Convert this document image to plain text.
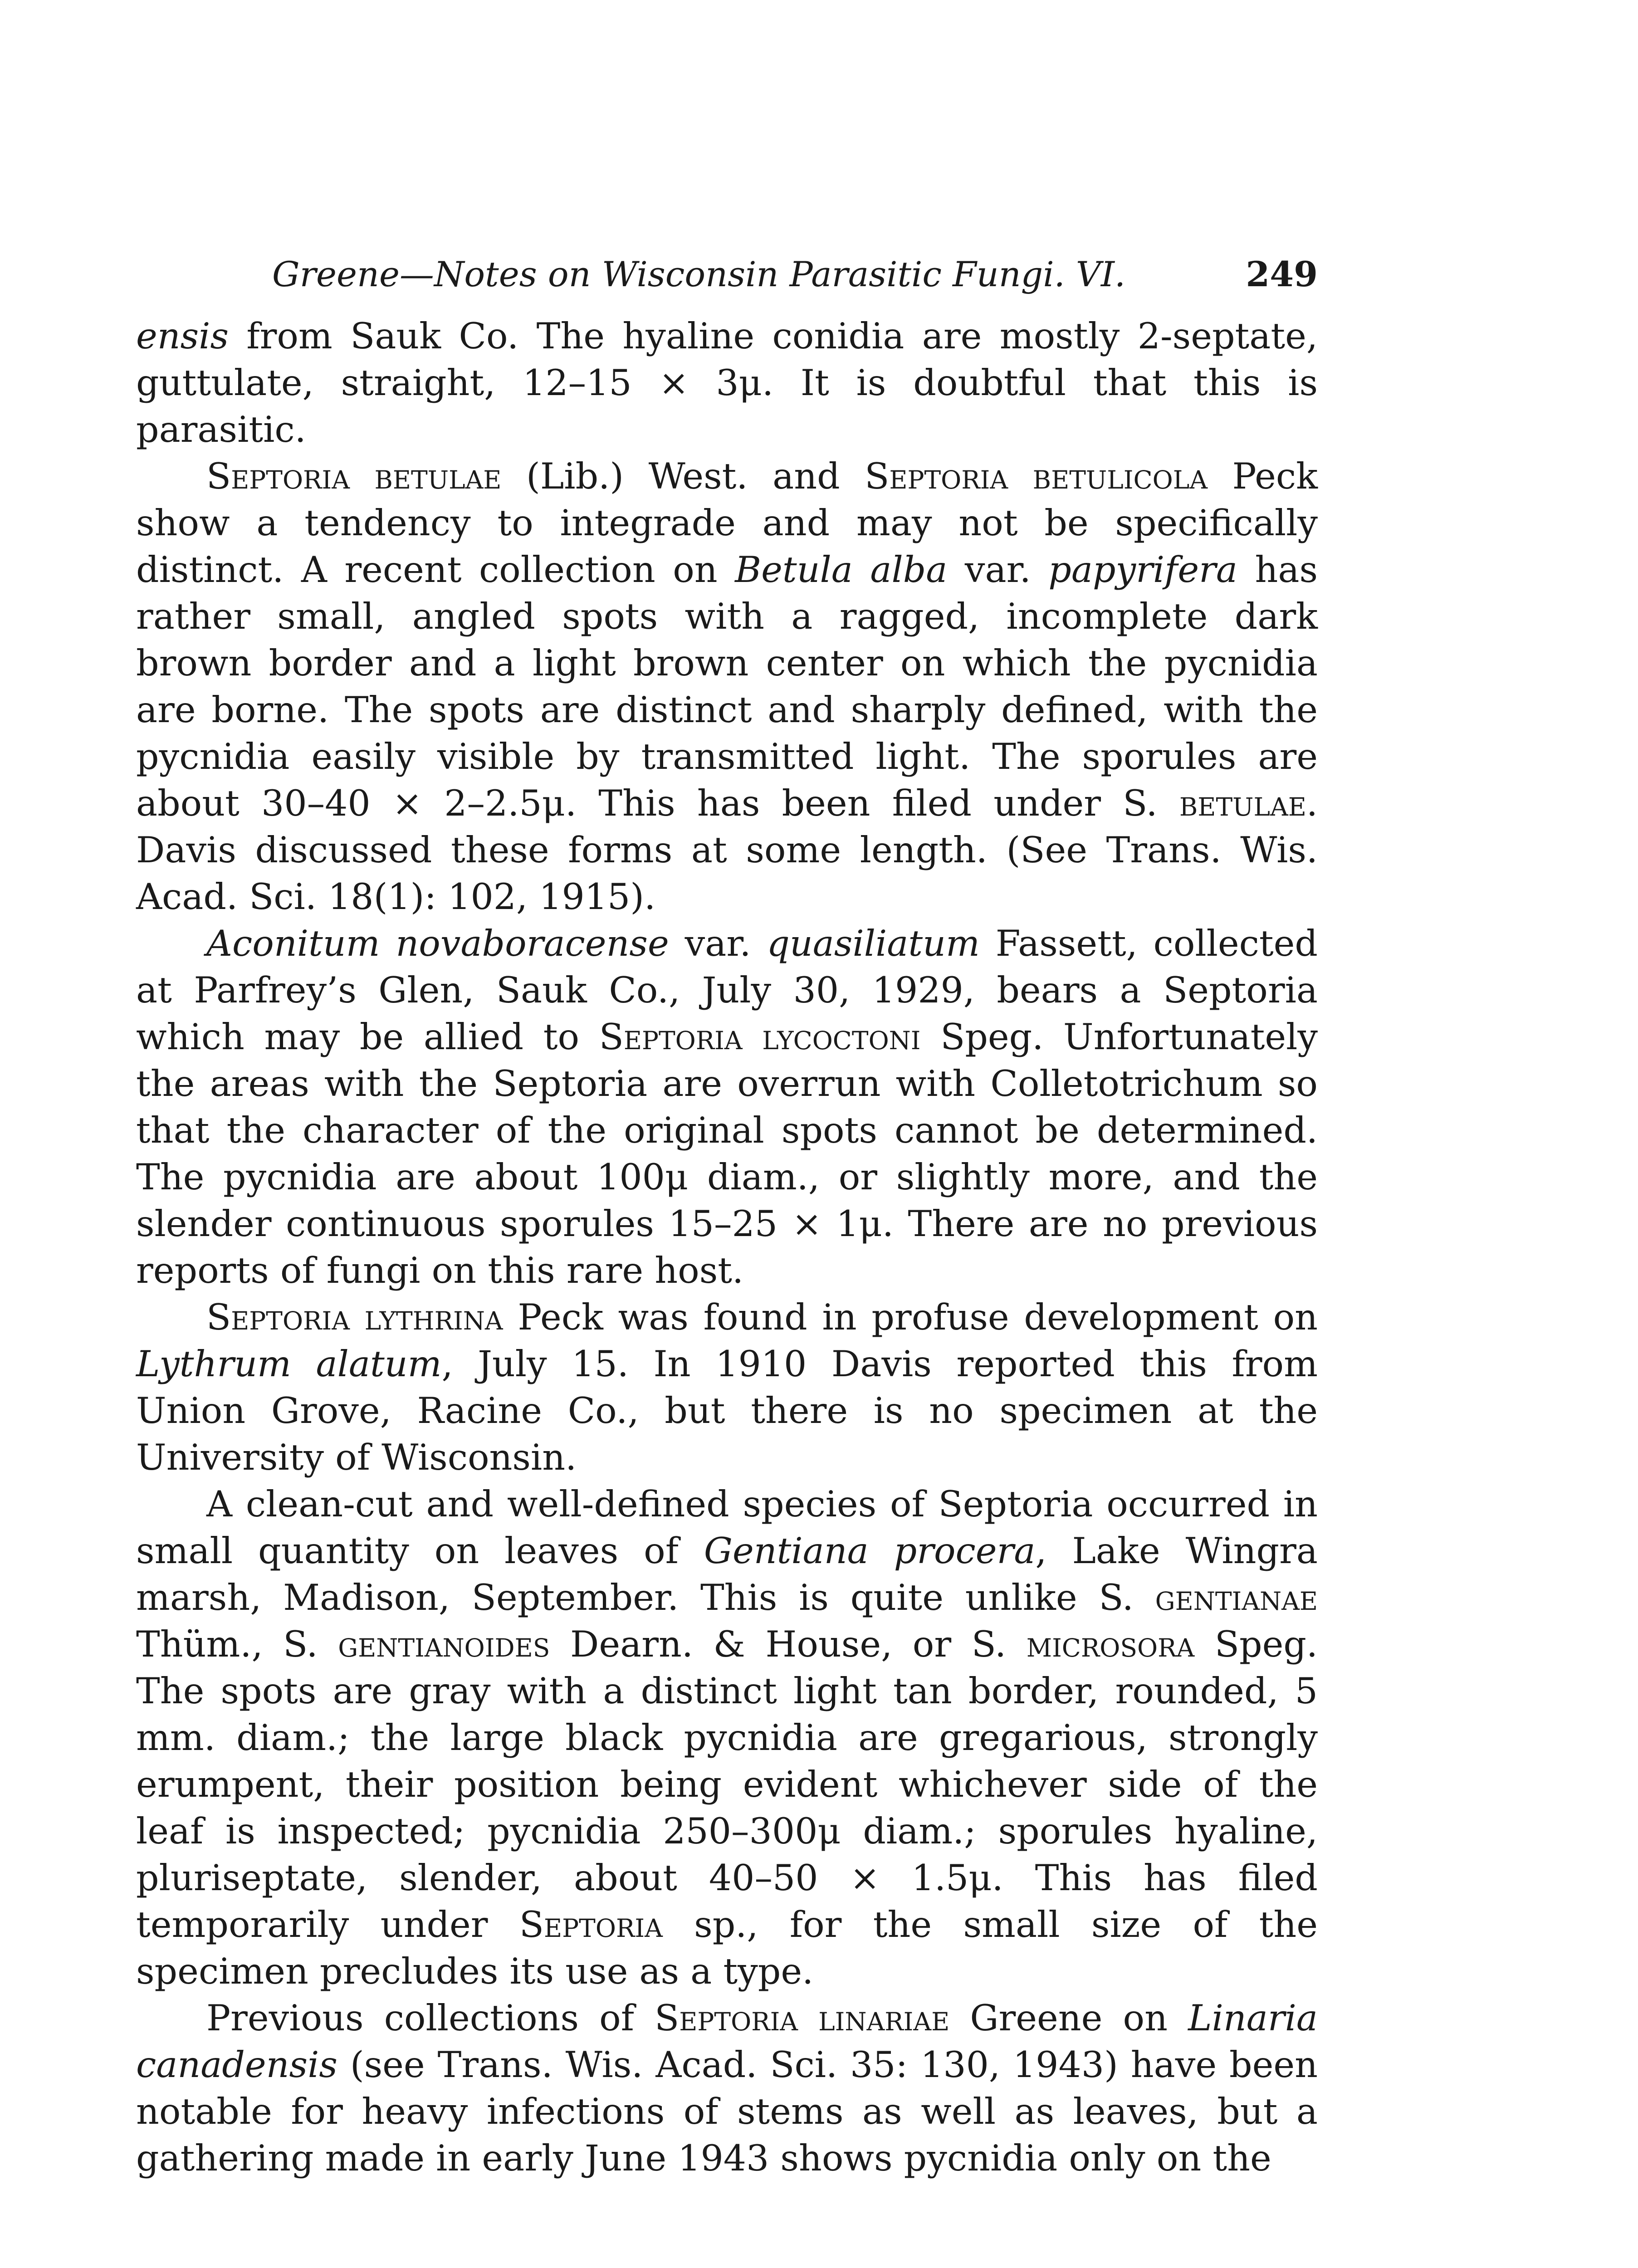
Greene—Notes on Wisconsin Parasitic Fungi. VI.	249

ensis from Sauk Co. The hyaline conidia are mostly 2-septate, guttulate, straight, 12–15 × 3μ. It is doubtful that this is parasitic.

Septoria betulae (Lib.) West. and Septoria betulicola Peck show a tendency to integrade and may not be specifically distinct. A recent collection on Betula alba var. papyrifera has rather small, angled spots with a ragged, incomplete dark brown border and a light brown center on which the pycnidia are borne. The spots are distinct and sharply defined, with the pycnidia easily visible by transmitted light. The sporules are about 30–40 × 2–2.5μ. This has been filed under S. betulae. Davis discussed these forms at some length. (See Trans. Wis. Acad. Sci. 18(1): 102, 1915).

Aconitum novaboracense var. quasiliatum Fassett, collected at Parfrey’s Glen, Sauk Co., July 30, 1929, bears a Septoria which may be allied to Septoria lycoctoni Speg. Unfortunately the areas with the Septoria are overrun with Colletotrichum so that the character of the original spots cannot be determined. The pycnidia are about 100μ diam., or slightly more, and the slender continuous sporules 15–25 × 1μ. There are no previous reports of fungi on this rare host.

Septoria lythrina Peck was found in profuse development on Lythrum alatum, July 15. In 1910 Davis reported this from Union Grove, Racine Co., but there is no specimen at the University of Wisconsin.

A clean-cut and well-defined species of Septoria occurred in small quantity on leaves of Gentiana procera, Lake Wingra marsh, Madison, September. This is quite unlike S. gentianae Thüm., S. gentianoides Dearn. & House, or S. microsora Speg. The spots are gray with a distinct light tan border, rounded, 5 mm. diam.; the large black pycnidia are gregarious, strongly erumpent, their position being evident whichever side of the leaf is inspected; pycnidia 250–300μ diam.; sporules hyaline, pluriseptate, slender, about 40–50 × 1.5μ. This has filed temporarily under Septoria sp., for the small size of the specimen precludes its use as a type.

Previous collections of Septoria linariae Greene on Linaria canadensis (see Trans. Wis. Acad. Sci. 35: 130, 1943) have been notable for heavy infections of stems as well as leaves, but a gathering made in early June 1943 shows pycnidia only on the
